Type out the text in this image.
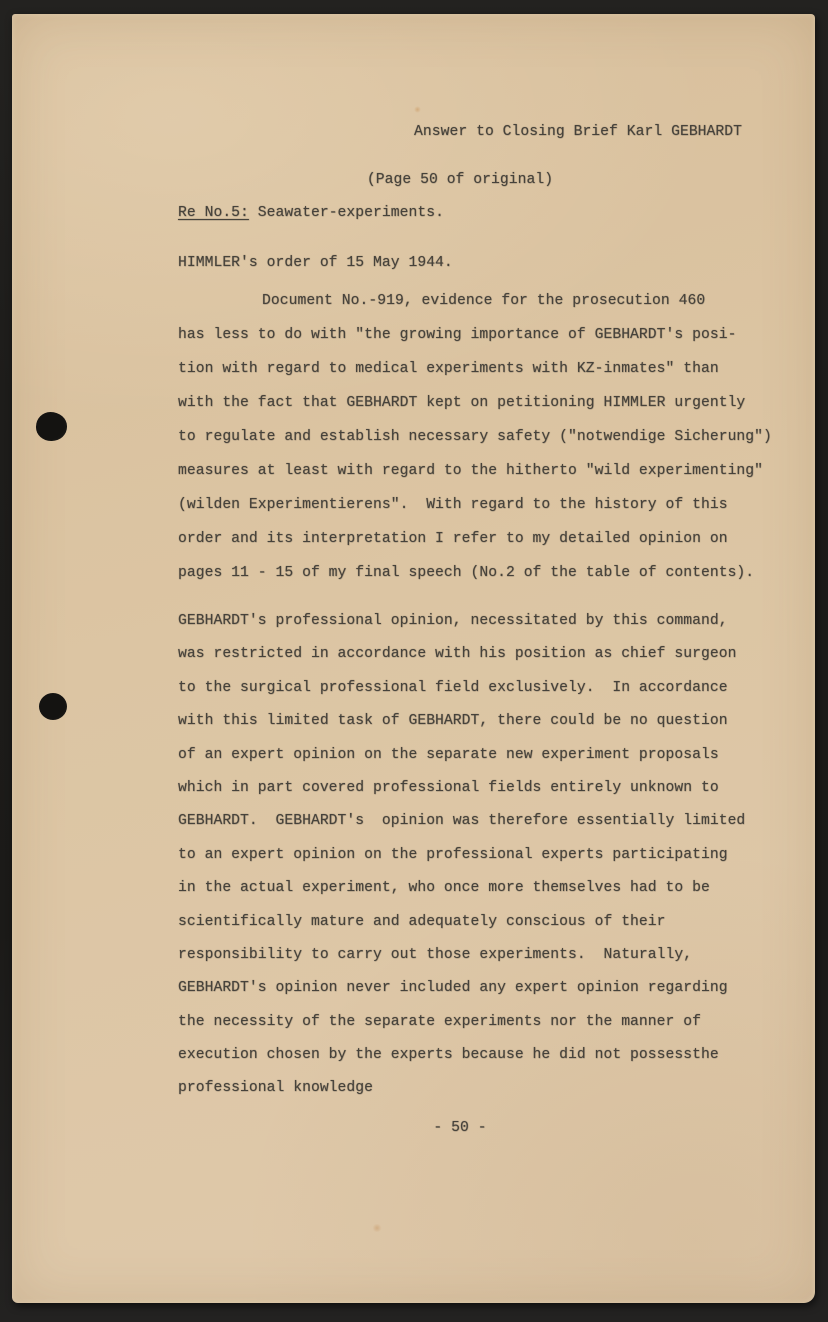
Answer to Closing Brief Karl GEBHARDT
(Page 50 of original)
Re No.5: Seawater-experiments.
HIMMLER's order of 15 May 1944.
Document No.-919, evidence for the prosecution 460
has less to do with "the growing importance of GEBHARDT's posi-
tion with regard to medical experiments with KZ-inmates" than
with the fact that GEBHARDT kept on petitioning HIMMLER urgently
to regulate and establish necessary safety ("notwendige Sicherung")
measures at least with regard to the hitherto "wild experimenting"
(wilden Experimentierens".  With regard to the history of this
order and its interpretation I refer to my detailed opinion on
pages 11 - 15 of my final speech (No.2 of the table of contents).
GEBHARDT's professional opinion, necessitated by this command,
was restricted in accordance with his position as chief surgeon
to the surgical professional field exclusively.  In accordance
with this limited task of GEBHARDT, there could be no question
of an expert opinion on the separate new experiment proposals
which in part covered professional fields entirely unknown to
GEBHARDT.  GEBHARDT's  opinion was therefore essentially limited
to an expert opinion on the professional experts participating
in the actual experiment, who once more themselves had to be
scientifically mature and adequately conscious of their
responsibility to carry out those experiments.  Naturally,
GEBHARDT's opinion never included any expert opinion regarding
the necessity of the separate experiments nor the manner of
execution chosen by the experts because he did not possessthe
professional knowledge
- 50 -
